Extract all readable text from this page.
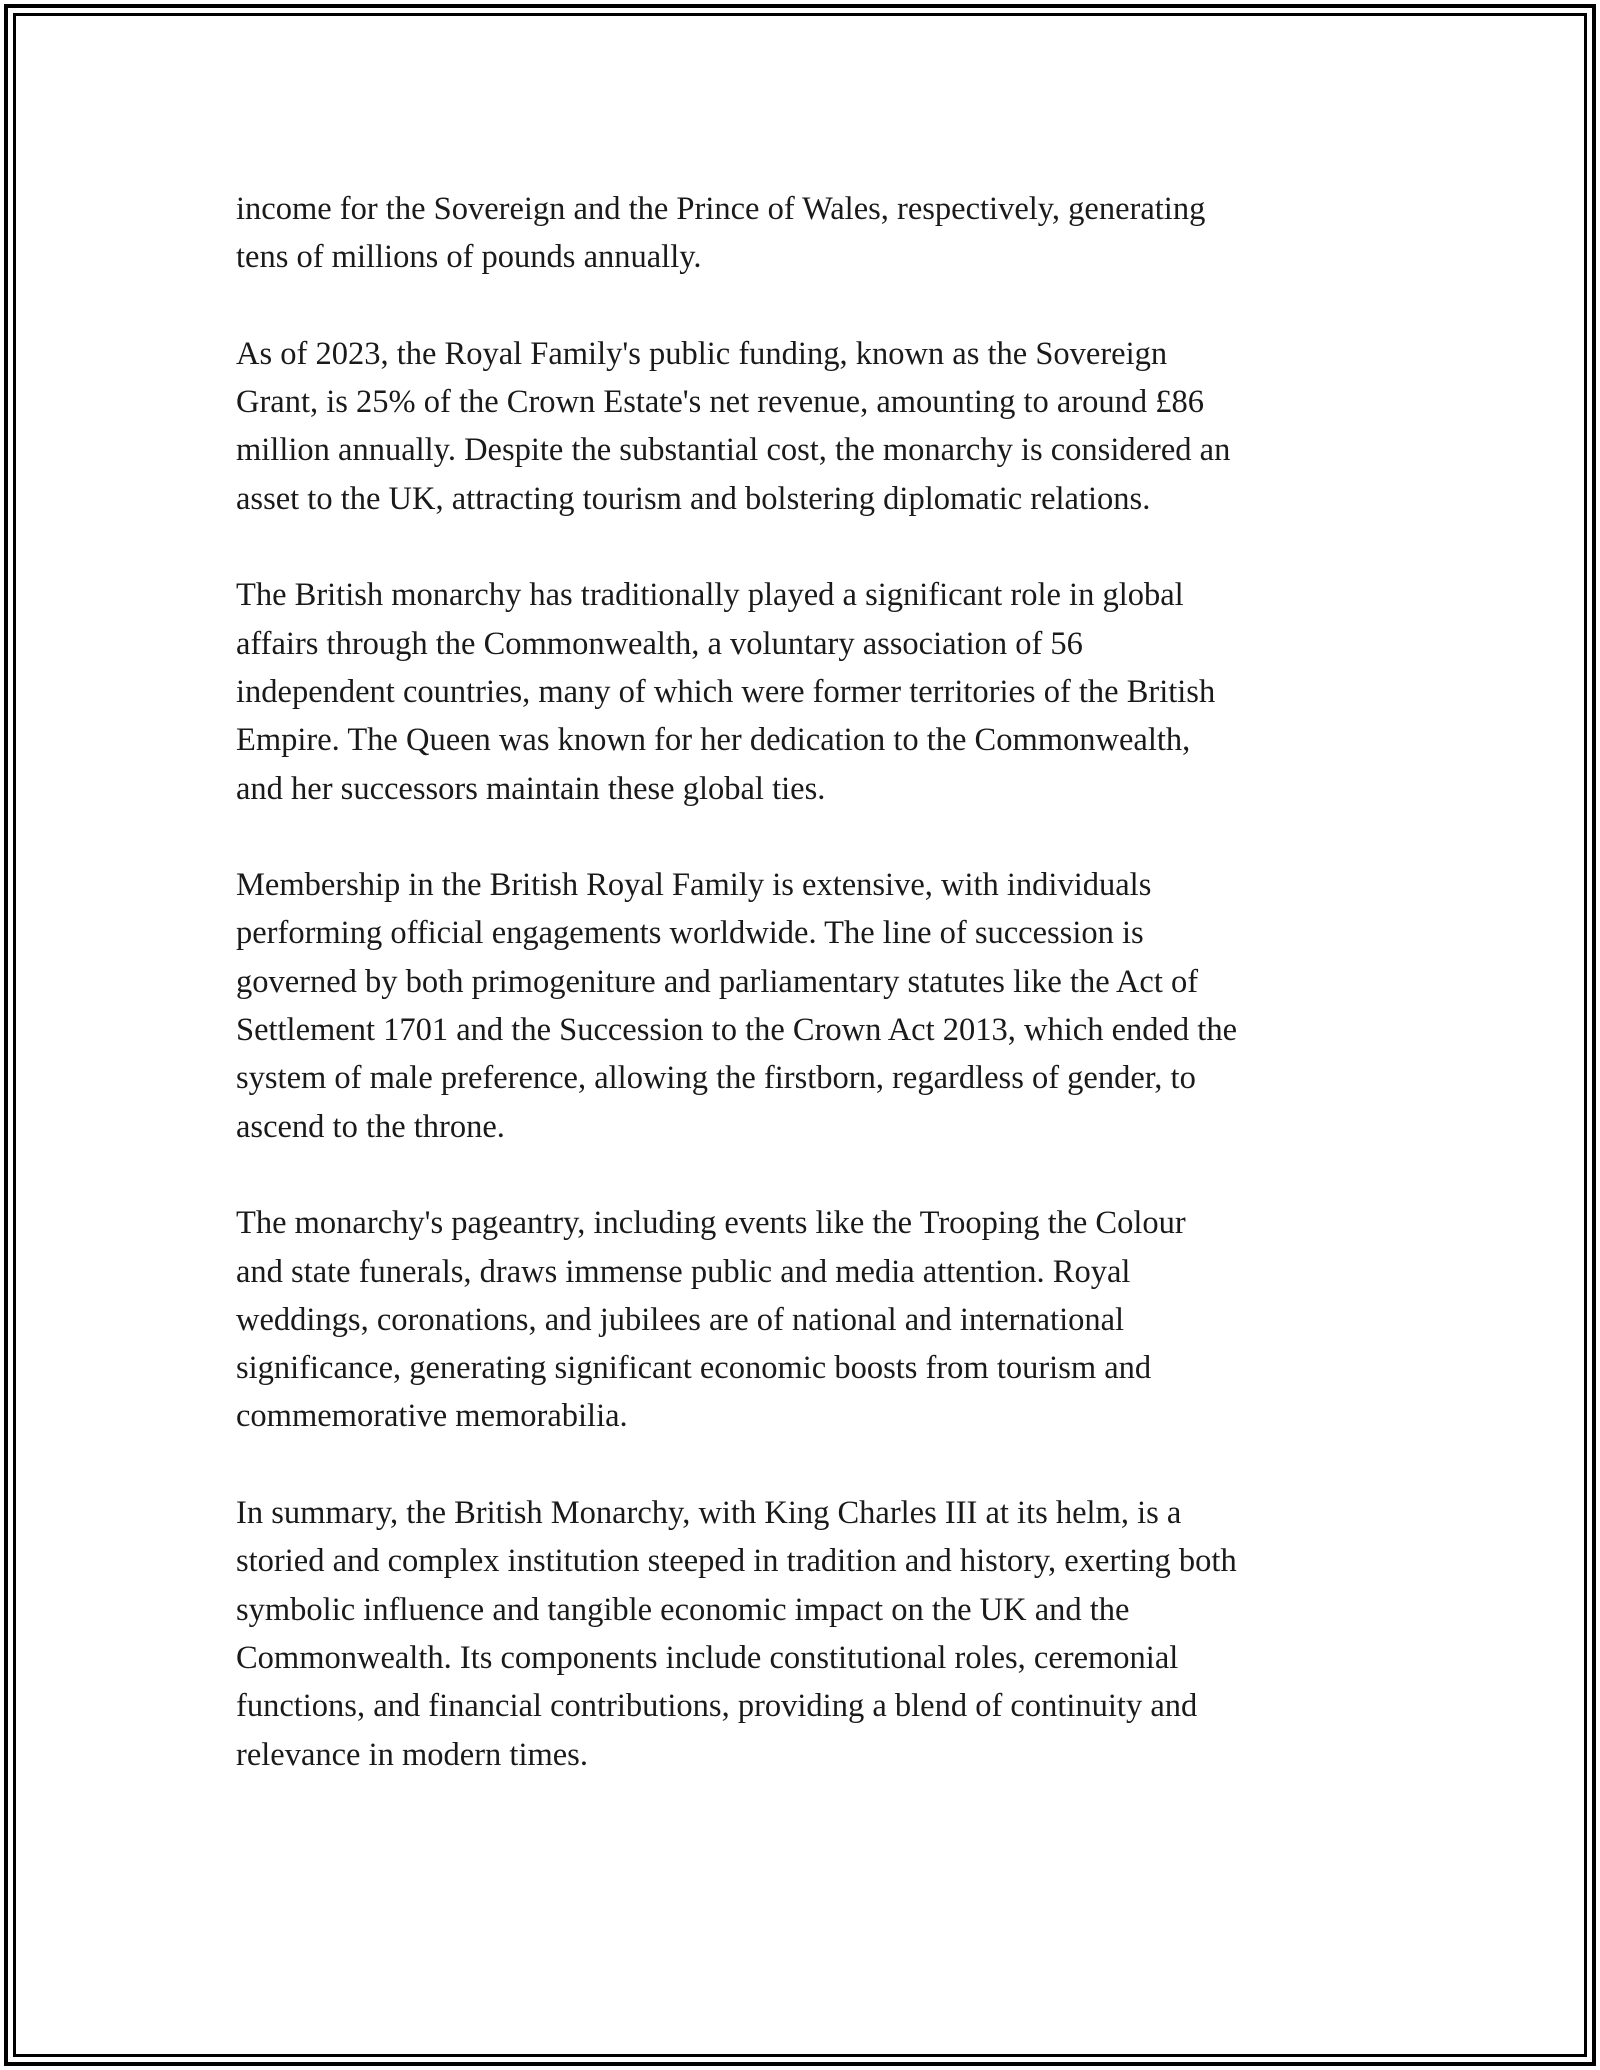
income for the Sovereign and the Prince of Wales, respectively, generating
tens of millions of pounds annually.

As of 2023, the Royal Family's public funding, known as the Sovereign
Grant, is 25% of the Crown Estate's net revenue, amounting to around £86
million annually. Despite the substantial cost, the monarchy is considered an
asset to the UK, attracting tourism and bolstering diplomatic relations.

The British monarchy has traditionally played a significant role in global
affairs through the Commonwealth, a voluntary association of 56
independent countries, many of which were former territories of the British
Empire. The Queen was known for her dedication to the Commonwealth,
and her successors maintain these global ties.

Membership in the British Royal Family is extensive, with individuals
performing official engagements worldwide. The line of succession is
governed by both primogeniture and parliamentary statutes like the Act of
Settlement 1701 and the Succession to the Crown Act 2013, which ended the
system of male preference, allowing the firstborn, regardless of gender, to
ascend to the throne.

The monarchy's pageantry, including events like the Trooping the Colour
and state funerals, draws immense public and media attention. Royal
weddings, coronations, and jubilees are of national and international
significance, generating significant economic boosts from tourism and
commemorative memorabilia.

In summary, the British Monarchy, with King Charles III at its helm, is a
storied and complex institution steeped in tradition and history, exerting both
symbolic influence and tangible economic impact on the UK and the
Commonwealth. Its components include constitutional roles, ceremonial
functions, and financial contributions, providing a blend of continuity and
relevance in modern times.
